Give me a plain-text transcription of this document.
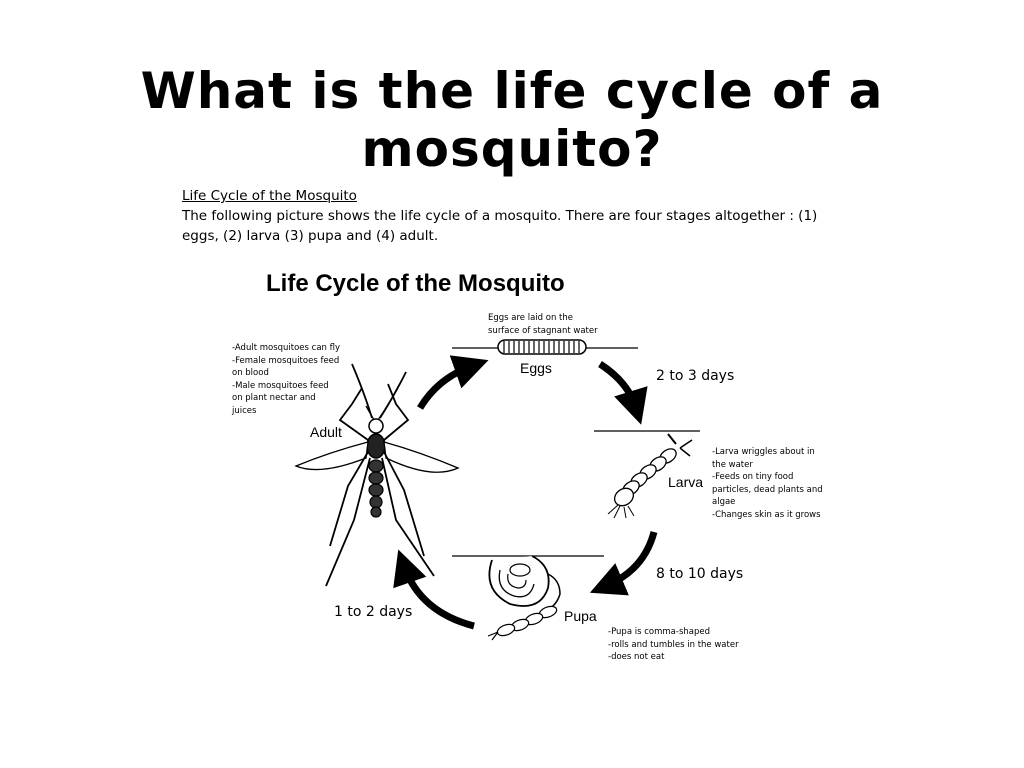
What is the life cycle of a mosquito?
Life Cycle of the Mosquito
The following picture shows the life cycle of a mosquito. There are four stages altogether : (1)
eggs, (2) larva (3) pupa and (4) adult.
Life Cycle of the Mosquito
Eggs are laid on the
surface of stagnant water
-Adult mosquitoes can fly
-Female mosquitoes feed
on blood
-Male mosquitoes feed
on plant nectar and
juices
-Larva wriggles about in
the water
-Feeds on tiny food
particles, dead plants and
algae
-Changes skin as it grows
-Pupa is comma-shaped
-rolls and tumbles in the water
-does not eat
Eggs
Larva
Pupa
Adult
2 to 3 days
8 to 10 days
1 to 2 days
